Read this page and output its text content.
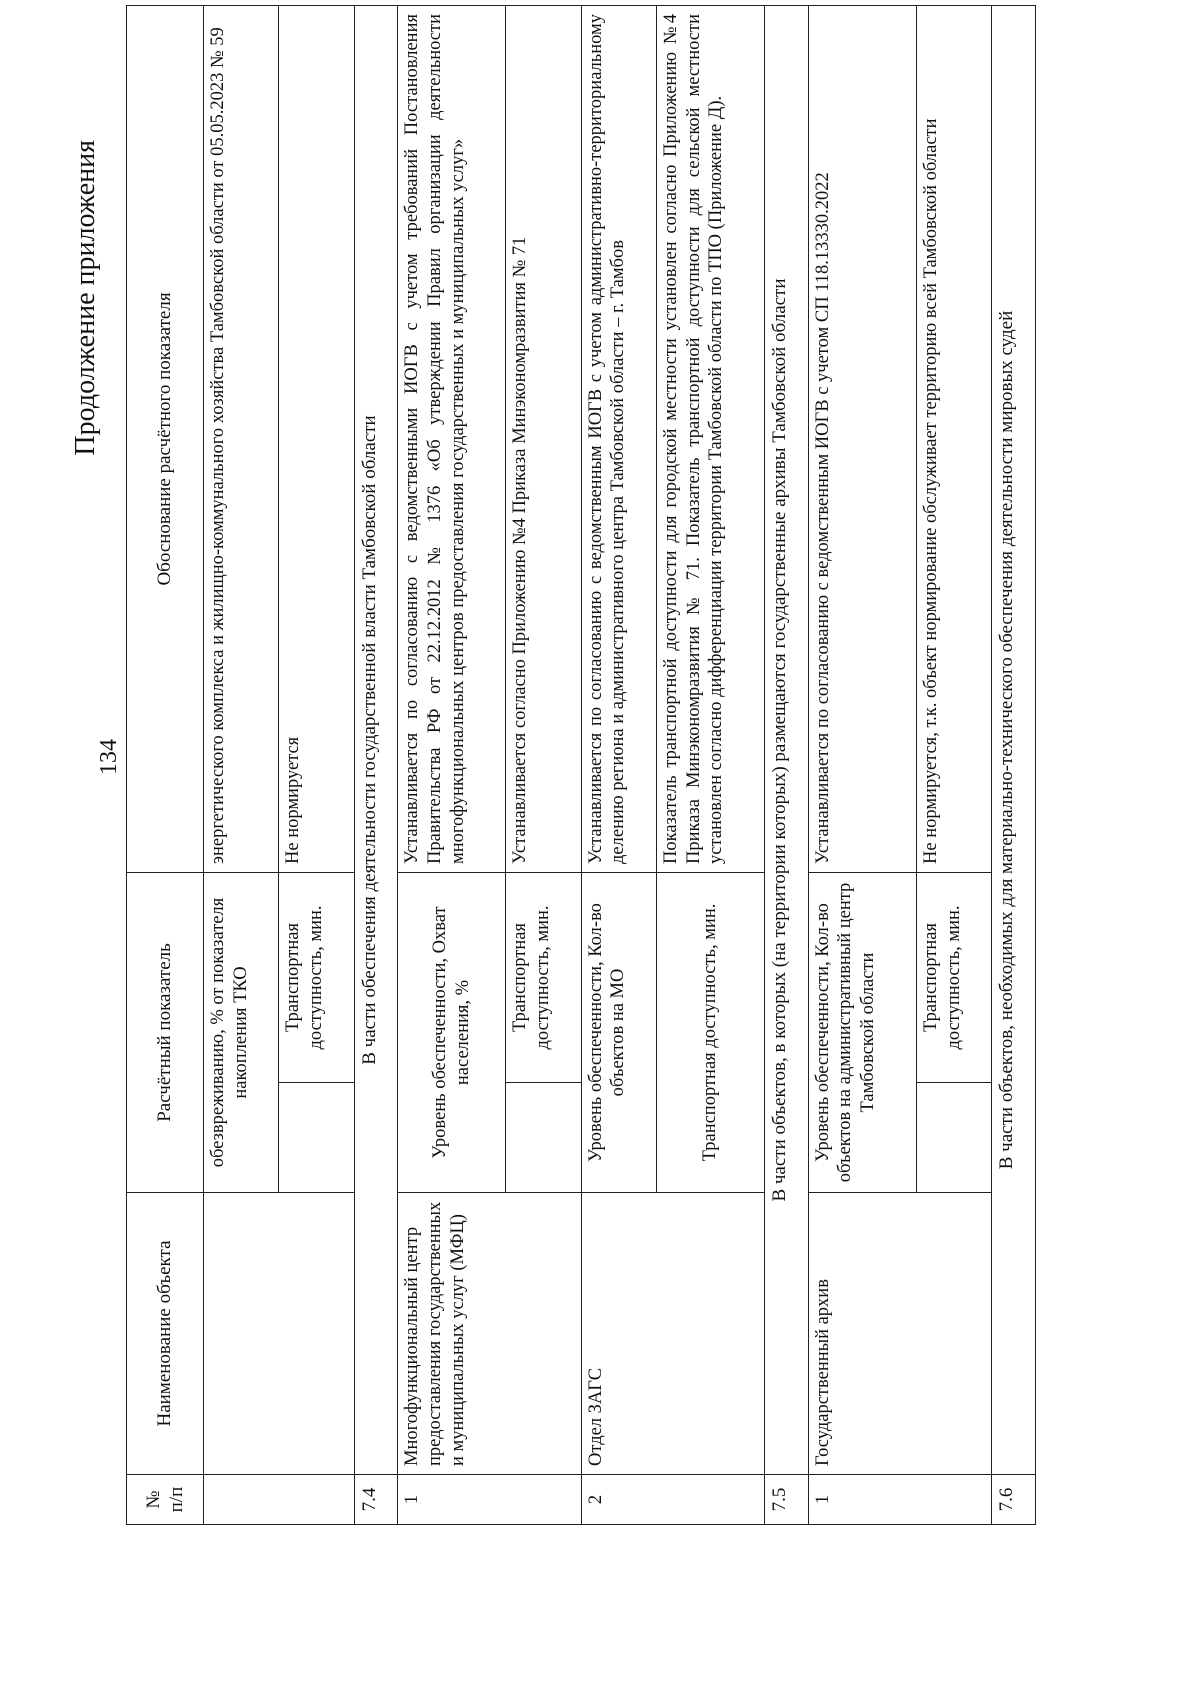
134
Продолжение приложения
№ п/п	Наименование объекта	Расчётный показатель		Обоснование расчётного показателя
		обезвреживанию, % от показателя накопления ТКО		энергетического комплекса и жилищно-коммунального хозяйства Тамбовской области от 05.05.2023 № 59
			Транспортная доступность, мин.	Не нормируется
7.4	В части обеспечения деятельности государственной власти Тамбовской области			
1	Многофункциональный центр предоставления государственных и муниципальных услуг (МФЦ)	Уровень обеспеченности, Охват населения, %		Устанавливается по согласованию с ведомственными ИОГВ с учетом требований Постановления Правительства РФ от 22.12.2012 № 1376 «Об утверждении Правил организации деятельности многофункциональных центров предоставления государственных и муниципальных услуг»
			Транспортная доступность, мин.	Устанавливается согласно Приложению №4 Приказа Минэкономразвития № 71
2	Отдел ЗАГС	Уровень обеспеченности, Кол-во объектов на МО		Устанавливается по согласованию с ведомственным ИОГВ с учетом административно-территориальному делению региона и административного центра Тамбовской области – г. Тамбов
		Транспортная доступность, мин.		Показатель транспортной доступности для городской местности установлен согласно Приложению №4 Приказа Минэкономразвития № 71. Показатель транспортной доступности для сельской местности установлен согласно дифференциации территории Тамбовской области по ТПО (Приложение Д).
7.5	В части объектов, в которых (на территории которых) размещаются государственные архивы Тамбовской области			
1	Государственный архив	Уровень обеспеченности, Кол-во объектов на административный центр Тамбовской области		Устанавливается по согласованию с ведомственным ИОГВ с учетом СП 118.13330.2022
			Транспортная доступность, мин.	Не нормируется, т.к. объект нормирование обслуживает территорию всей Тамбовской области
7.6	В части объектов, необходимых для материально-технического обеспечения деятельности мировых судей			
